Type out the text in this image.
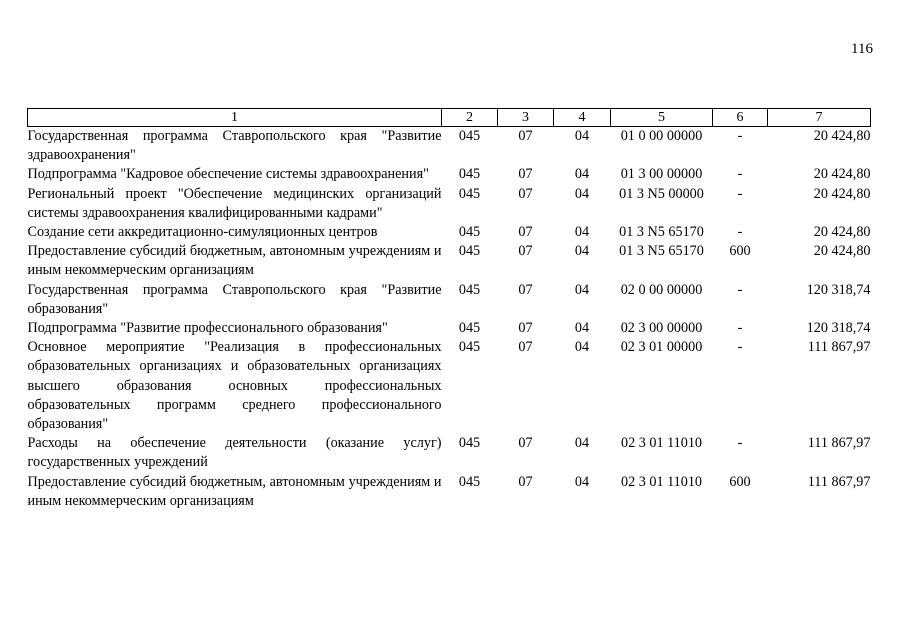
116
1	2	3	4	5	6	7
Государственная программа Ставропольского края "Развитие здравоохранения"	045	07	04	01 0 00 00000	-	20 424,80
Подпрограмма "Кадровое обеспечение системы здравоохранения"	045	07	04	01 3 00 00000	-	20 424,80
Региональный проект "Обеспечение медицинских организаций системы здравоохранения квалифицированными кадрами"	045	07	04	01 3 N5 00000	-	20 424,80
Создание сети аккредитационно-симуляционных центров	045	07	04	01 3 N5 65170	-	20 424,80
Предоставление субсидий бюджетным, автономным учреждениям и иным некоммерческим организациям	045	07	04	01 3 N5 65170	600	20 424,80
Государственная программа Ставропольского края "Развитие образования"	045	07	04	02 0 00 00000	-	120 318,74
Подпрограмма "Развитие профессионального образования"	045	07	04	02 3 00 00000	-	120 318,74
Основное мероприятие "Реализация в профессиональных образовательных организациях и образовательных организациях высшего образования основных профессиональных образовательных программ среднего профессионального образования"	045	07	04	02 3 01 00000	-	111 867,97
Расходы на обеспечение деятельности (оказание услуг) государственных учреждений	045	07	04	02 3 01 11010	-	111 867,97
Предоставление субсидий бюджетным, автономным учреждениям и иным некоммерческим организациям	045	07	04	02 3 01 11010	600	111 867,97
